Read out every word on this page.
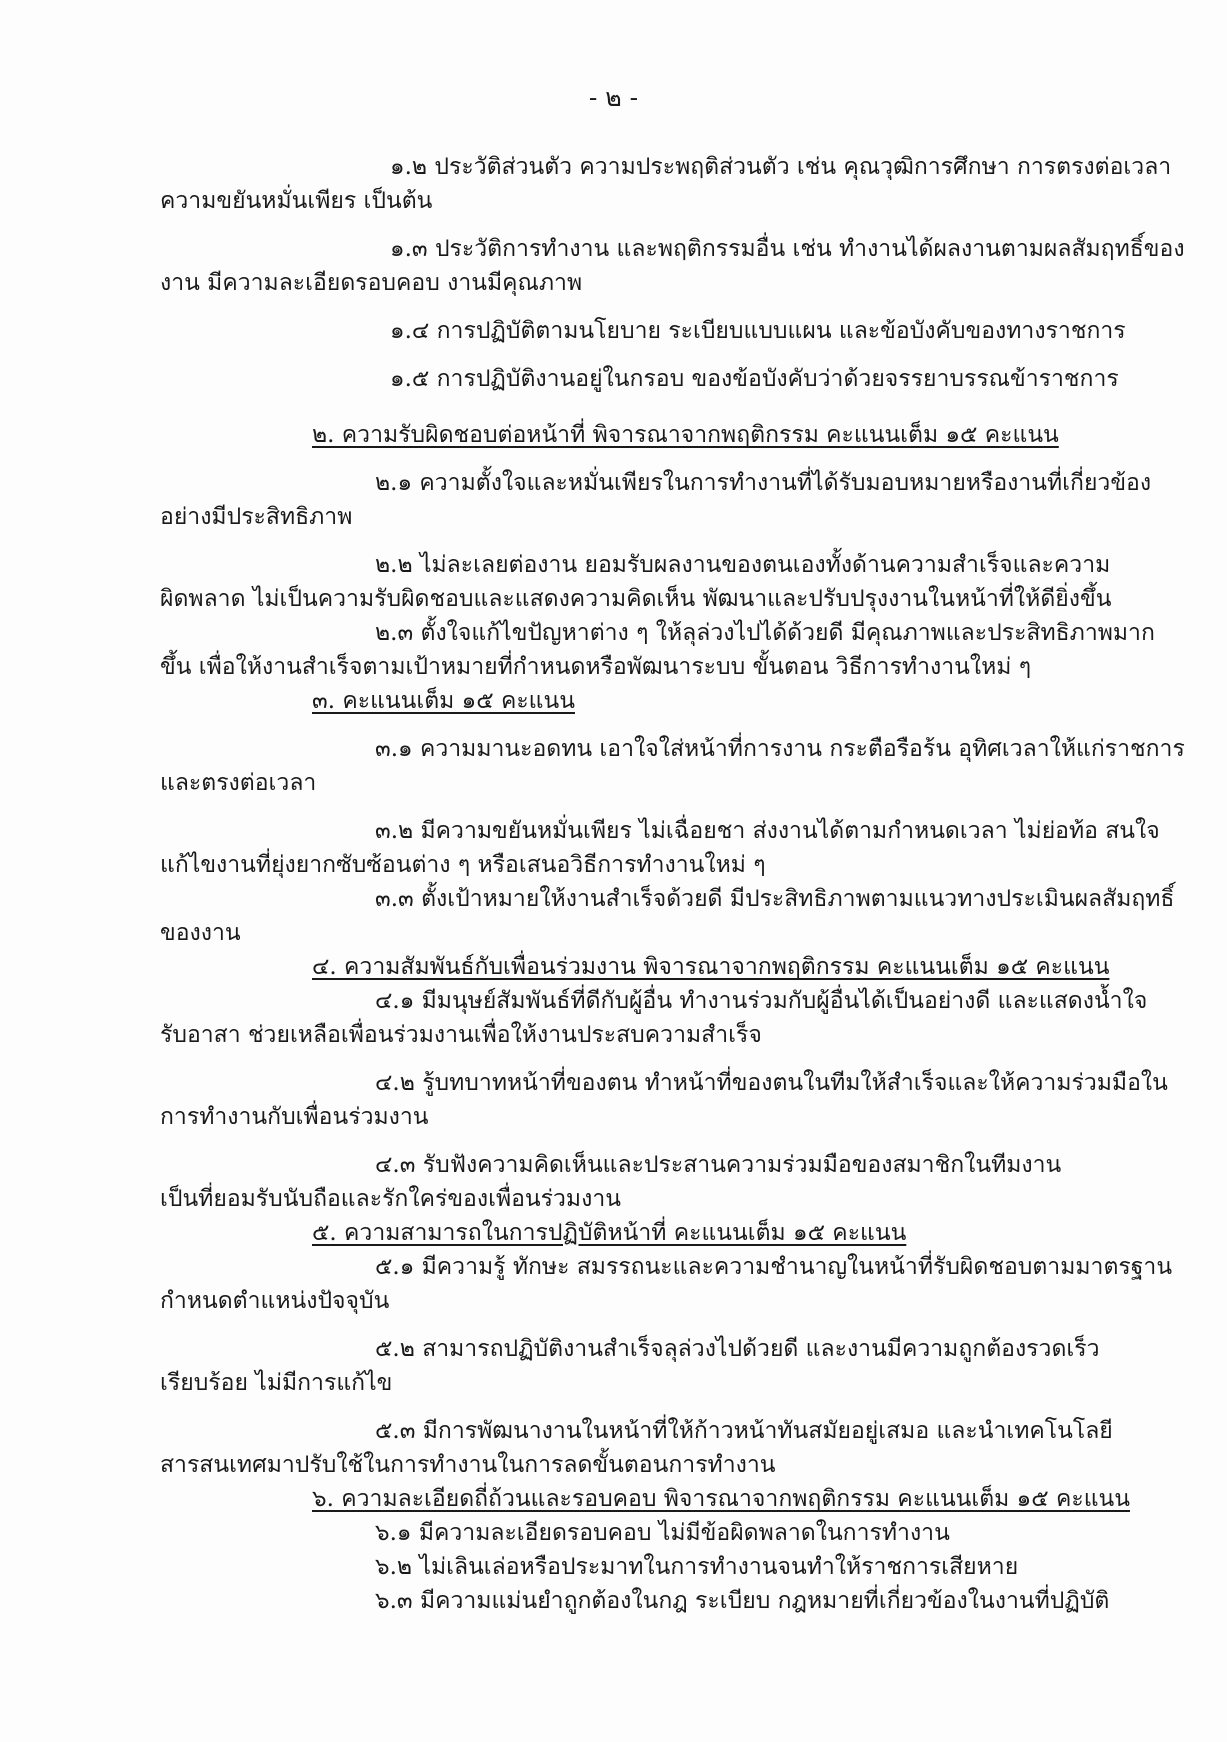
- ๒ -
๑.๒ ประวัติส่วนตัว ความประพฤติส่วนตัว เช่น คุณวุฒิการศึกษา การตรงต่อเวลา
ความขยันหมั่นเพียร เป็นต้น
๑.๓ ประวัติการทำงาน และพฤติกรรมอื่น เช่น ทำงานได้ผลงานตามผลสัมฤทธิ์ของ
งาน มีความละเอียดรอบคอบ งานมีคุณภาพ
๑.๔ การปฏิบัติตามนโยบาย ระเบียบแบบแผน และข้อบังคับของทางราชการ
๑.๕ การปฏิบัติงานอยู่ในกรอบ ของข้อบังคับว่าด้วยจรรยาบรรณข้าราชการ
๒. ความรับผิดชอบต่อหน้าที่ พิจารณาจากพฤติกรรม คะแนนเต็ม ๑๕ คะแนน
๒.๑ ความตั้งใจและหมั่นเพียรในการทำงานที่ได้รับมอบหมายหรืองานที่เกี่ยวข้อง
อย่างมีประสิทธิภาพ
๒.๒ ไม่ละเลยต่องาน ยอมรับผลงานของตนเองทั้งด้านความสำเร็จและความ
ผิดพลาด ไม่เป็นความรับผิดชอบและแสดงความคิดเห็น พัฒนาและปรับปรุงงานในหน้าที่ให้ดียิ่งขึ้น
๒.๓ ตั้งใจแก้ไขปัญหาต่าง ๆ ให้ลุล่วงไปได้ด้วยดี มีคุณภาพและประสิทธิภาพมาก
ขึ้น เพื่อให้งานสำเร็จตามเป้าหมายที่กำหนดหรือพัฒนาระบบ ขั้นตอน วิธีการทำงานใหม่ ๆ
๓. คะแนนเต็ม ๑๕ คะแนน
๓.๑ ความมานะอดทน เอาใจใส่หน้าที่การงาน กระตือรือร้น อุทิศเวลาให้แก่ราชการ
และตรงต่อเวลา
๓.๒ มีความขยันหมั่นเพียร ไม่เฉื่อยชา ส่งงานได้ตามกำหนดเวลา ไม่ย่อท้อ สนใจ
แก้ไขงานที่ยุ่งยากซับซ้อนต่าง ๆ หรือเสนอวิธีการทำงานใหม่ ๆ
๓.๓ ตั้งเป้าหมายให้งานสำเร็จด้วยดี มีประสิทธิภาพตามแนวทางประเมินผลสัมฤทธิ์
ของงาน
๔. ความสัมพันธ์กับเพื่อนร่วมงาน พิจารณาจากพฤติกรรม คะแนนเต็ม ๑๕ คะแนน
๔.๑ มีมนุษย์สัมพันธ์ที่ดีกับผู้อื่น ทำงานร่วมกับผู้อื่นได้เป็นอย่างดี และแสดงน้ำใจ
รับอาสา ช่วยเหลือเพื่อนร่วมงานเพื่อให้งานประสบความสำเร็จ
๔.๒ รู้บทบาทหน้าที่ของตน ทำหน้าที่ของตนในทีมให้สำเร็จและให้ความร่วมมือใน
การทำงานกับเพื่อนร่วมงาน
๔.๓ รับฟังความคิดเห็นและประสานความร่วมมือของสมาชิกในทีมงาน
เป็นที่ยอมรับนับถือและรักใคร่ของเพื่อนร่วมงาน
๕. ความสามารถในการปฏิบัติหน้าที่ คะแนนเต็ม ๑๕ คะแนน
๕.๑ มีความรู้ ทักษะ สมรรถนะและความชำนาญในหน้าที่รับผิดชอบตามมาตรฐาน
กำหนดตำแหน่งปัจจุบัน
๕.๒ สามารถปฏิบัติงานสำเร็จลุล่วงไปด้วยดี และงานมีความถูกต้องรวดเร็ว
เรียบร้อย ไม่มีการแก้ไข
๕.๓ มีการพัฒนางานในหน้าที่ให้ก้าวหน้าทันสมัยอยู่เสมอ และนำเทคโนโลยี
สารสนเทศมาปรับใช้ในการทำงานในการลดขั้นตอนการทำงาน
๖. ความละเอียดถี่ถ้วนและรอบคอบ พิจารณาจากพฤติกรรม คะแนนเต็ม ๑๕ คะแนน
๖.๑ มีความละเอียดรอบคอบ ไม่มีข้อผิดพลาดในการทำงาน
๖.๒ ไม่เลินเล่อหรือประมาทในการทำงานจนทำให้ราชการเสียหาย
๖.๓ มีความแม่นยำถูกต้องในกฎ ระเบียบ กฎหมายที่เกี่ยวข้องในงานที่ปฏิบัติ
